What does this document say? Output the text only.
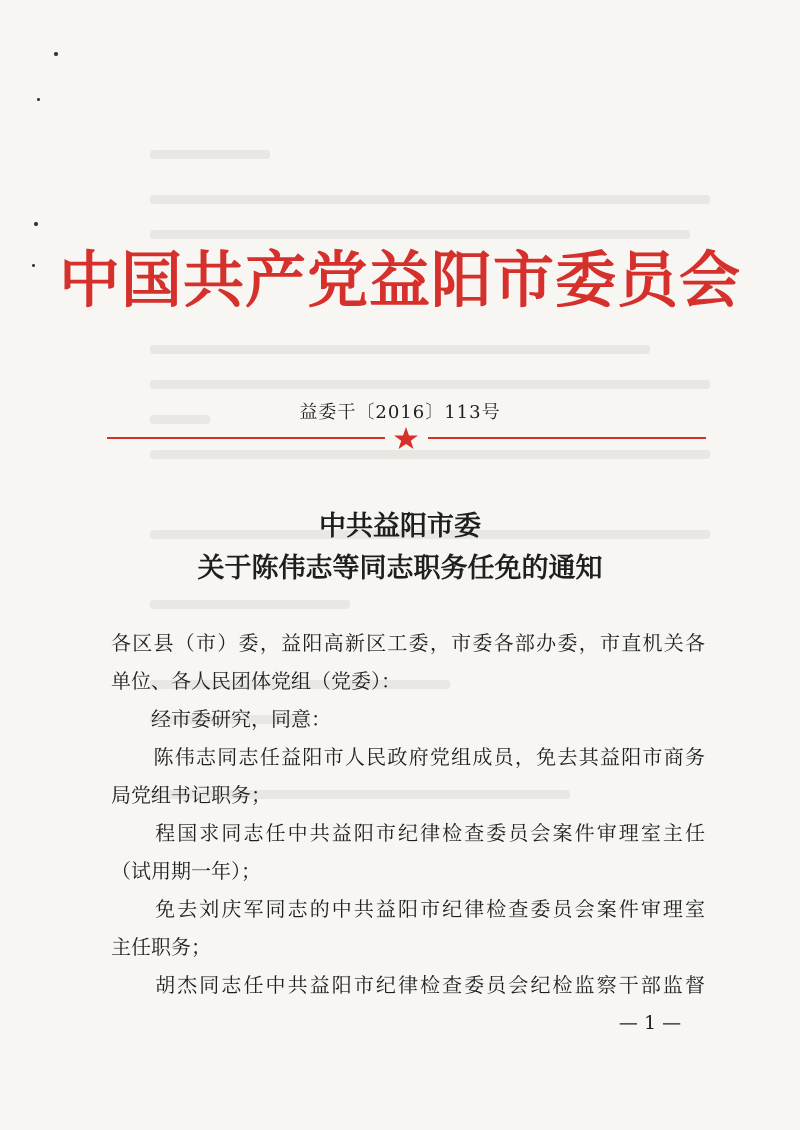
中国共产党益阳市委员会
益委干〔2016〕113号
中共益阳市委
关于陈伟志等同志职务任免的通知
各区县（市）委，益阳高新区工委，市委各部办委，市直机关各
单位、各人民团体党组（党委）：
　　经市委研究，同意：
　　陈伟志同志任益阳市人民政府党组成员，免去其益阳市商务
局党组书记职务；
　　程国求同志任中共益阳市纪律检查委员会案件审理室主任
（试用期一年）；
　　免去刘庆军同志的中共益阳市纪律检查委员会案件审理室
主任职务；
　　胡杰同志任中共益阳市纪律检查委员会纪检监察干部监督
— 1 —
